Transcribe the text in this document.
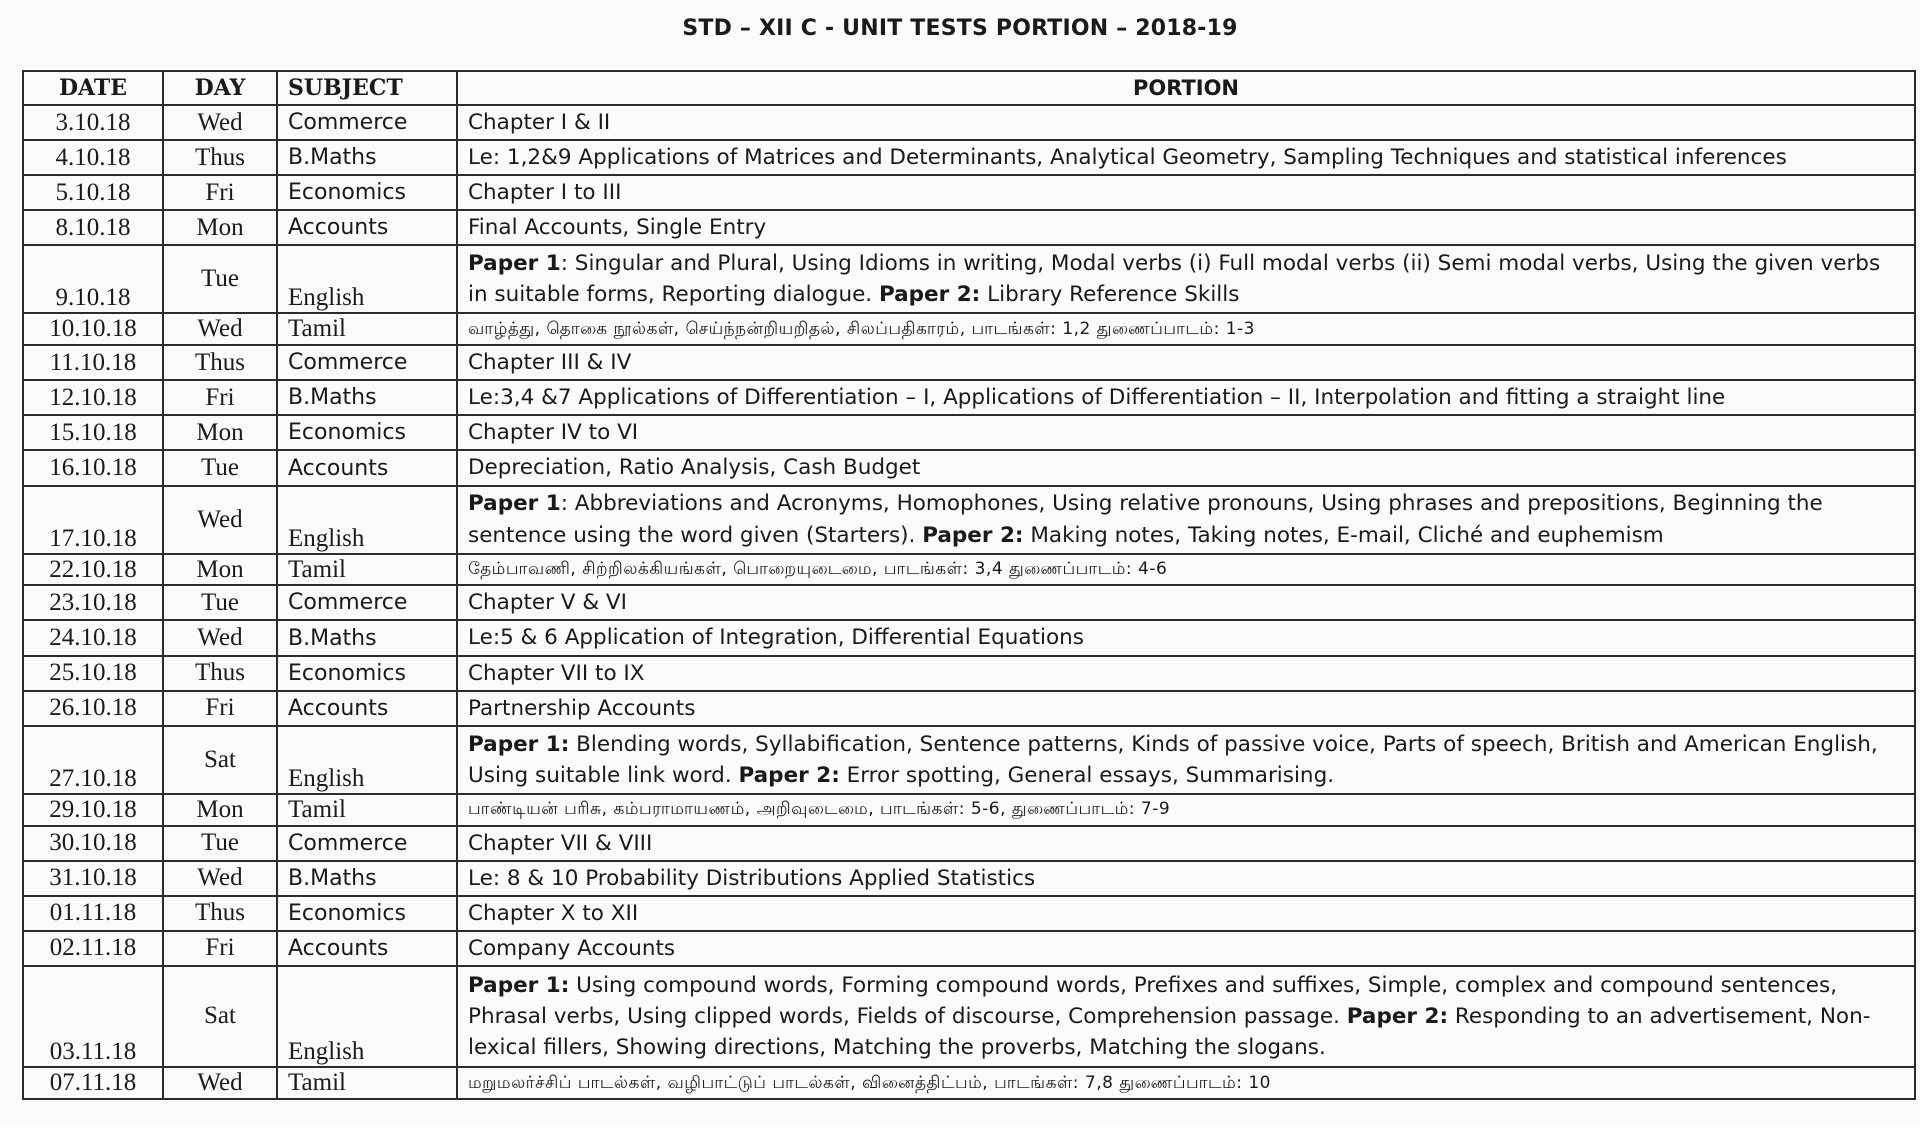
STD – XII C - UNIT TESTS PORTION – 2018-19
DATE	DAY	SUBJECT	PORTION
3.10.18	Wed	Commerce	Chapter I & II
4.10.18	Thus	B.Maths	Le: 1,2&9 Applications of Matrices and Determinants, Analytical Geometry, Sampling Techniques and statistical inferences
5.10.18	Fri	Economics	Chapter I to III
8.10.18	Mon	Accounts	Final Accounts, Single Entry
9.10.18	Tue	English	Paper 1: Singular and Plural, Using Idioms in writing, Modal verbs (i) Full modal verbs (ii) Semi modal verbs, Using the given verbs in suitable forms, Reporting dialogue. Paper 2: Library Reference Skills
10.10.18	Wed	Tamil	வாழ்த்து, தொகை நூல்கள், செய்ந்நன்றியறிதல், சிலப்பதிகாரம், பாடங்கள்: 1,2 துணைப்பாடம்: 1-3
11.10.18	Thus	Commerce	Chapter III & IV
12.10.18	Fri	B.Maths	Le:3,4 &7 Applications of Differentiation – I, Applications of Differentiation – II, Interpolation and fitting a straight line
15.10.18	Mon	Economics	Chapter IV to VI
16.10.18	Tue	Accounts	Depreciation, Ratio Analysis, Cash Budget
17.10.18	Wed	English	Paper 1: Abbreviations and Acronyms, Homophones, Using relative pronouns, Using phrases and prepositions, Beginning the sentence using the word given (Starters). Paper 2: Making notes, Taking notes, E-mail, Cliché and euphemism
22.10.18	Mon	Tamil	தேம்பாவணி, சிற்றிலக்கியங்கள், பொறையுடைமை, பாடங்கள்: 3,4 துணைப்பாடம்: 4-6
23.10.18	Tue	Commerce	Chapter V & VI
24.10.18	Wed	B.Maths	Le:5 & 6 Application of Integration, Differential Equations
25.10.18	Thus	Economics	Chapter VII to IX
26.10.18	Fri	Accounts	Partnership Accounts
27.10.18	Sat	English	Paper 1: Blending words, Syllabification, Sentence patterns, Kinds of passive voice, Parts of speech, British and American English, Using suitable link word. Paper 2: Error spotting, General essays, Summarising.
29.10.18	Mon	Tamil	பாண்டியன் பரிசு, கம்பராமாயணம், அறிவுடைமை, பாடங்கள்: 5-6, துணைப்பாடம்: 7-9
30.10.18	Tue	Commerce	Chapter VII & VIII
31.10.18	Wed	B.Maths	Le: 8 & 10 Probability Distributions Applied Statistics
01.11.18	Thus	Economics	Chapter X to XII
02.11.18	Fri	Accounts	Company Accounts
03.11.18	Sat	English	Paper 1: Using compound words, Forming compound words, Prefixes and suffixes, Simple, complex and compound sentences, Phrasal verbs, Using clipped words, Fields of discourse, Comprehension passage. Paper 2: Responding to an advertisement, Non-lexical fillers, Showing directions, Matching the proverbs, Matching the slogans.
07.11.18	Wed	Tamil	மறுமலர்ச்சிப் பாடல்கள், வழிபாட்டுப் பாடல்கள், வினைத்திட்பம், பாடங்கள்: 7,8 துணைப்பாடம்: 10
